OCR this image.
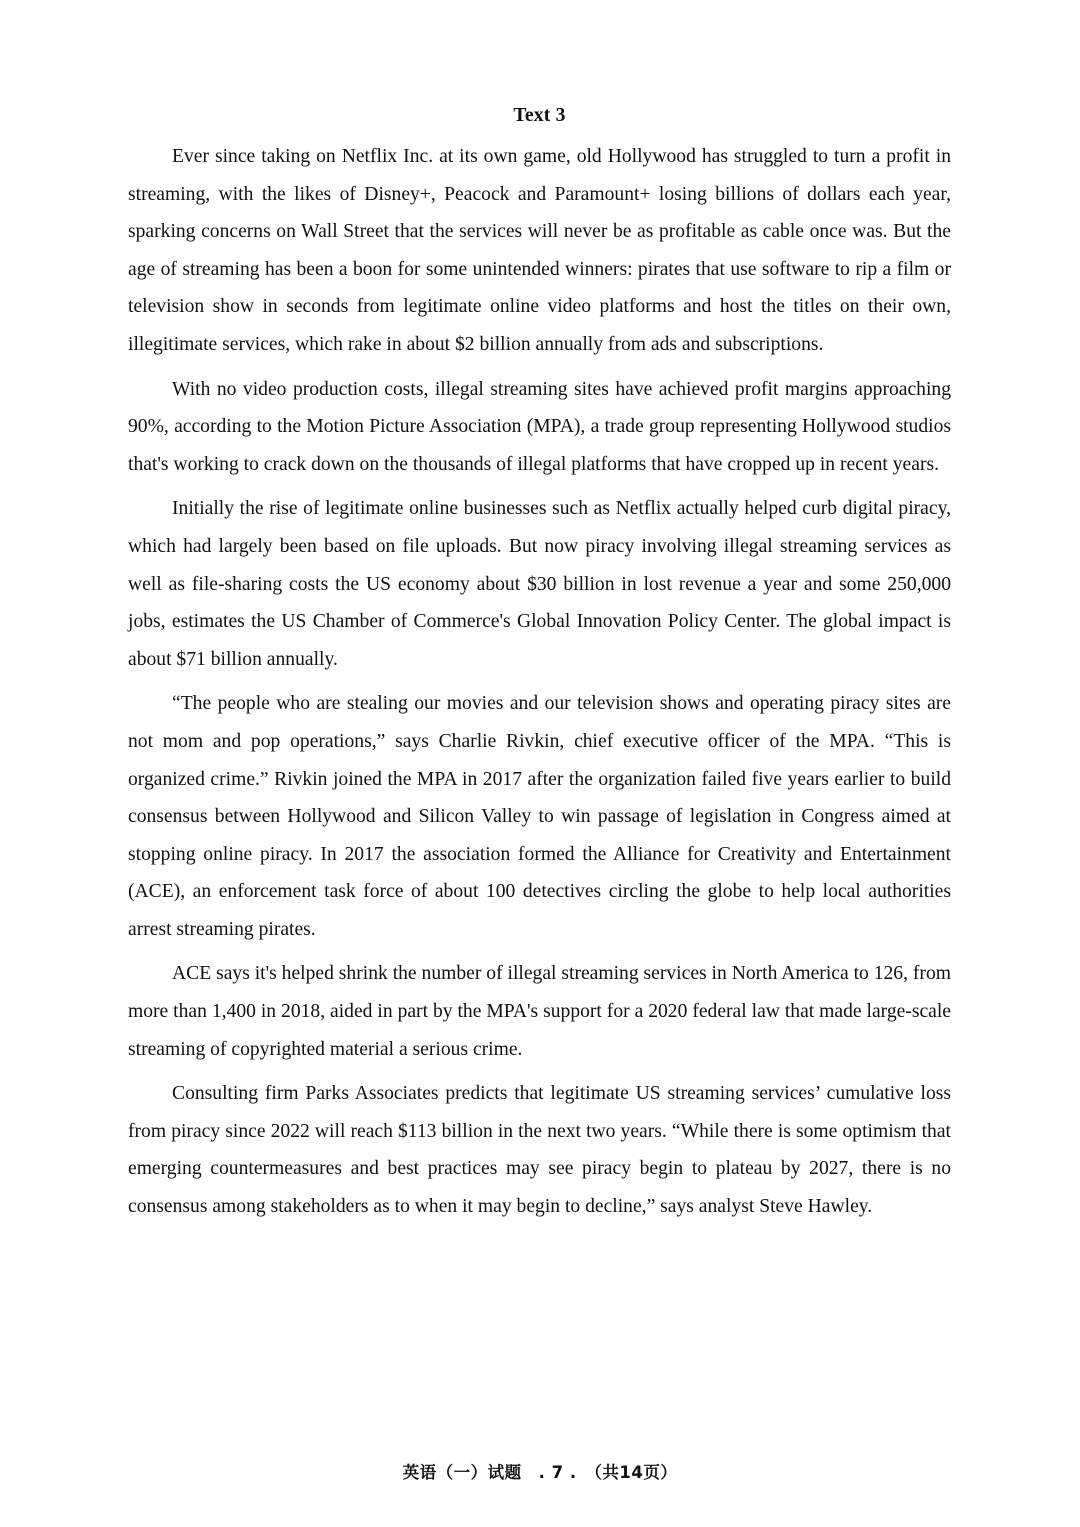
Text 3

Ever since taking on Netflix Inc. at its own game, old Hollywood has struggled to turn a profit in streaming, with the likes of Disney+, Peacock and Paramount+ losing billions of dollars each year, sparking concerns on Wall Street that the services will never be as profitable as cable once was. But the age of streaming has been a boon for some unintended winners: pirates that use software to rip a film or television show in seconds from legitimate online video platforms and host the titles on their own, illegitimate services, which rake in about $2 billion annually from ads and subscriptions.

With no video production costs, illegal streaming sites have achieved profit margins approaching 90%, according to the Motion Picture Association (MPA), a trade group representing Hollywood studios that's working to crack down on the thousands of illegal platforms that have cropped up in recent years.

Initially the rise of legitimate online businesses such as Netflix actually helped curb digital piracy, which had largely been based on file uploads. But now piracy involving illegal streaming services as well as file-sharing costs the US economy about $30 billion in lost revenue a year and some 250,000 jobs, estimates the US Chamber of Commerce's Global Innovation Policy Center. The global impact is about $71 billion annually.

“The people who are stealing our movies and our television shows and operating piracy sites are not mom and pop operations,” says Charlie Rivkin, chief executive officer of the MPA. “This is organized crime.” Rivkin joined the MPA in 2017 after the organization failed five years earlier to build consensus between Hollywood and Silicon Valley to win passage of legislation in Congress aimed at stopping online piracy. In 2017 the association formed the Alliance for Creativity and Entertainment (ACE), an enforcement task force of about 100 detectives circling the globe to help local authorities arrest streaming pirates.

ACE says it's helped shrink the number of illegal streaming services in North America to 126, from more than 1,400 in 2018, aided in part by the MPA's support for a 2020 federal law that made large-scale streaming of copyrighted material a serious crime.

Consulting firm Parks Associates predicts that legitimate US streaming services’ cumulative loss from piracy since 2022 will reach $113 billion in the next two years. “While there is some optimism that emerging countermeasures and best practices may see piracy begin to plateau by 2027, there is no consensus among stakeholders as to when it may begin to decline,” says analyst Steve Hawley.

英语（一）试题　. 7 .　（共14页）
